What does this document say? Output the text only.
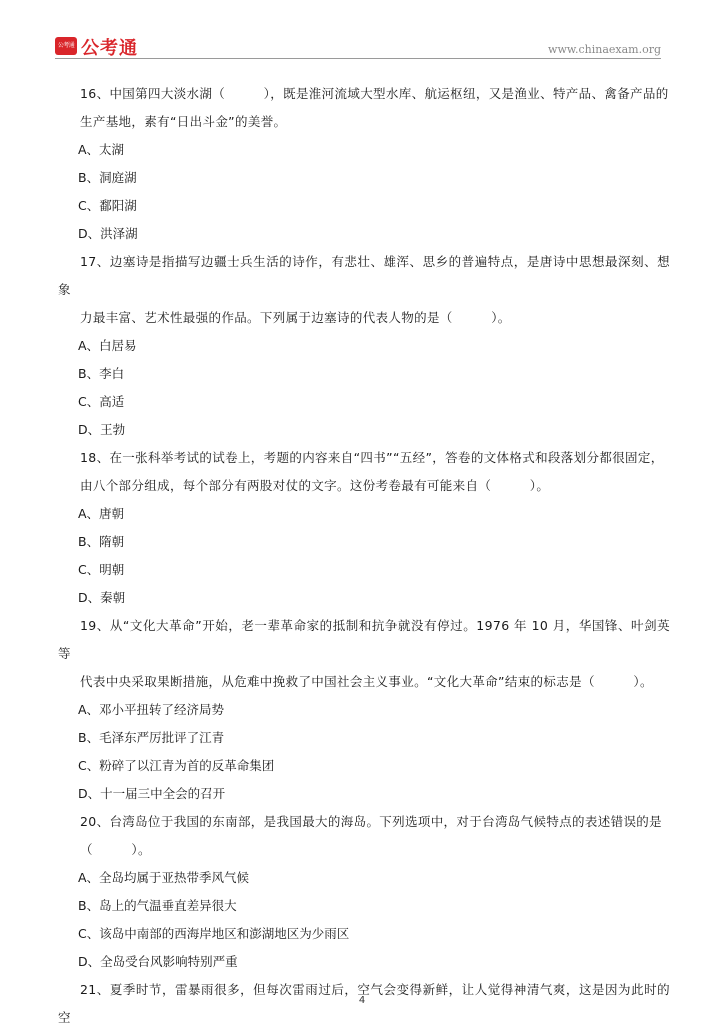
公考通 公考通	www.chinaexam.org

16、中国第四大淡水湖（　　　），既是淮河流域大型水库、航运枢纽，又是渔业、特产品、禽备产品的
生产基地，素有“日出斗金”的美誉。

A、太湖

B、洞庭湖

C、鄱阳湖

D、洪泽湖

17、边塞诗是指描写边疆士兵生活的诗作，有悲壮、雄浑、思乡的普遍特点，是唐诗中思想最深刻、想象
力最丰富、艺术性最强的作品。下列属于边塞诗的代表人物的是（　　　）。

A、白居易

B、李白

C、高适

D、王勃

18、在一张科举考试的试卷上，考题的内容来自“四书”“五经”，答卷的文体格式和段落划分都很固定，
由八个部分组成，每个部分有两股对仗的文字。这份考卷最有可能来自（　　　）。

A、唐朝

B、隋朝

C、明朝

D、秦朝

19、从“文化大革命”开始，老一辈革命家的抵制和抗争就没有停过。1976 年 10 月，华国锋、叶剑英等
代表中央采取果断措施，从危难中挽救了中国社会主义事业。“文化大革命”结束的标志是（　　　）。

A、邓小平扭转了经济局势

B、毛泽东严厉批评了江青

C、粉碎了以江青为首的反革命集团

D、十一届三中全会的召开

20、台湾岛位于我国的东南部，是我国最大的海岛。下列选项中，对于台湾岛气候特点的表述错误的是
（　　　）。

A、全岛均属于亚热带季风气候

B、岛上的气温垂直差异很大

C、该岛中南部的西海岸地区和澎湖地区为少雨区

D、全岛受台风影响特别严重

21、夏季时节，雷暴雨很多，但每次雷雨过后，空气会变得新鲜，让人觉得神清气爽，这是因为此时的空

4
